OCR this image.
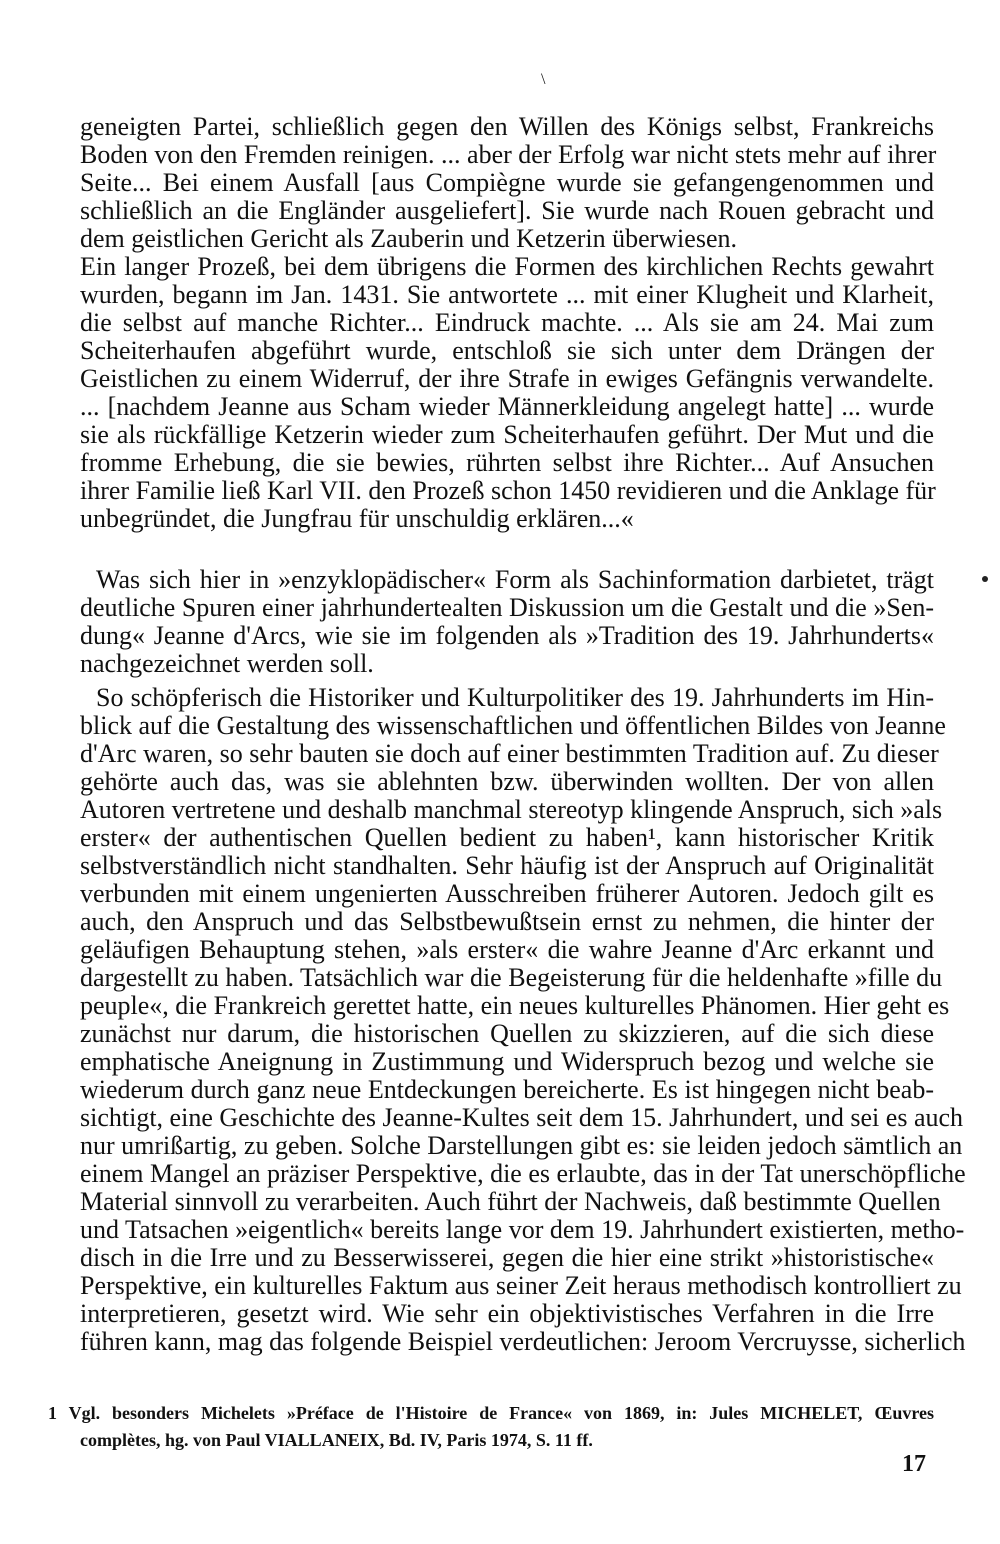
\
geneigten Partei, schließlich gegen den Willen des Königs selbst, Frankreichs
Boden von den Fremden reinigen. ... aber der Erfolg war nicht stets mehr auf ihrer
Seite... Bei einem Ausfall [aus Compiègne wurde sie gefangengenommen und
schließlich an die Engländer ausgeliefert]. Sie wurde nach Rouen gebracht und
dem geistlichen Gericht als Zauberin und Ketzerin überwiesen.
Ein langer Prozeß, bei dem übrigens die Formen des kirchlichen Rechts gewahrt
wurden, begann im Jan. 1431. Sie antwortete ... mit einer Klugheit und Klarheit,
die selbst auf manche Richter... Eindruck machte. ... Als sie am 24. Mai zum
Scheiterhaufen abgeführt wurde, entschloß sie sich unter dem Drängen der
Geistlichen zu einem Widerruf, der ihre Strafe in ewiges Gefängnis verwandelte.
... [nachdem Jeanne aus Scham wieder Männerkleidung angelegt hatte] ... wurde
sie als rückfällige Ketzerin wieder zum Scheiterhaufen geführt. Der Mut und die
fromme Erhebung, die sie bewies, rührten selbst ihre Richter... Auf Ansuchen
ihrer Familie ließ Karl VII. den Prozeß schon 1450 revidieren und die Anklage für
unbegründet, die Jungfrau für unschuldig erklären...«
Was sich hier in »enzyklopädischer« Form als Sachinformation darbietet, trägt
deutliche Spuren einer jahrhundertealten Diskussion um die Gestalt und die »Sen-
dung« Jeanne d'Arcs, wie sie im folgenden als »Tradition des 19. Jahrhunderts«
nachgezeichnet werden soll.
So schöpferisch die Historiker und Kulturpolitiker des 19. Jahrhunderts im Hin-
blick auf die Gestaltung des wissenschaftlichen und öffentlichen Bildes von Jeanne
d'Arc waren, so sehr bauten sie doch auf einer bestimmten Tradition auf. Zu dieser
gehörte auch das, was sie ablehnten bzw. überwinden wollten. Der von allen
Autoren vertretene und deshalb manchmal stereotyp klingende Anspruch, sich »als
erster« der authentischen Quellen bedient zu haben¹, kann historischer Kritik
selbstverständlich nicht standhalten. Sehr häufig ist der Anspruch auf Originalität
verbunden mit einem ungenierten Ausschreiben früherer Autoren. Jedoch gilt es
auch, den Anspruch und das Selbstbewußtsein ernst zu nehmen, die hinter der
geläufigen Behauptung stehen, »als erster« die wahre Jeanne d'Arc erkannt und
dargestellt zu haben. Tatsächlich war die Begeisterung für die heldenhafte »fille du
peuple«, die Frankreich gerettet hatte, ein neues kulturelles Phänomen. Hier geht es
zunächst nur darum, die historischen Quellen zu skizzieren, auf die sich diese
emphatische Aneignung in Zustimmung und Widerspruch bezog und welche sie
wiederum durch ganz neue Entdeckungen bereicherte. Es ist hingegen nicht beab-
sichtigt, eine Geschichte des Jeanne-Kultes seit dem 15. Jahrhundert, und sei es auch
nur umrißartig, zu geben. Solche Darstellungen gibt es: sie leiden jedoch sämtlich an
einem Mangel an präziser Perspektive, die es erlaubte, das in der Tat unerschöpfliche
Material sinnvoll zu verarbeiten. Auch führt der Nachweis, daß bestimmte Quellen
und Tatsachen »eigentlich« bereits lange vor dem 19. Jahrhundert existierten, metho-
disch in die Irre und zu Besserwisserei, gegen die hier eine strikt »historistische«
Perspektive, ein kulturelles Faktum aus seiner Zeit heraus methodisch kontrolliert zu
interpretieren, gesetzt wird. Wie sehr ein objektivistisches Verfahren in die Irre
führen kann, mag das folgende Beispiel verdeutlichen: Jeroom Vercruysse, sicherlich
1 Vgl. besonders Michelets »Préface de l'Histoire de France« von 1869, in: Jules MICHELET, Œuvres
complètes, hg. von Paul VIALLANEIX, Bd. IV, Paris 1974, S. 11 ff.
17
